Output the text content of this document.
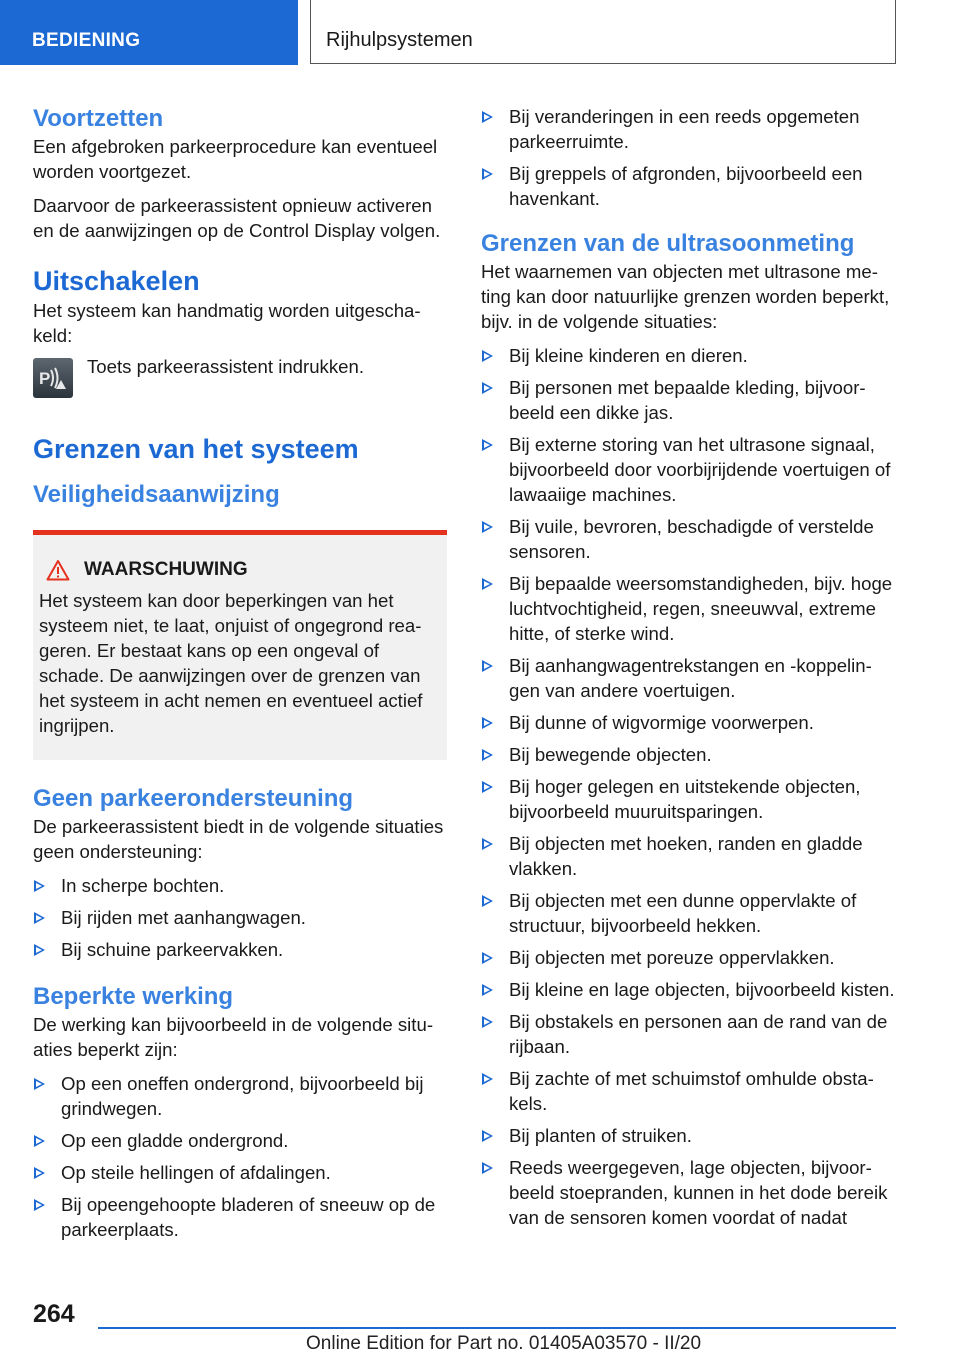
BEDIENING	Rijhulpsystemen
Voortzetten

Een afgebroken parkeerprocedure kan eventueel worden voortgezet.

Daarvoor de parkeerassistent opnieuw activeren en de aanwijzingen op de Control Display volgen.

Uitschakelen

Het systeem kan handmatig worden uitgeschakeld:

P
Toets parkeerassistent indrukken.
Grenzen van het systeem
Veiligheidsaanwijzing
WAARSCHUWING

Het systeem kan door beperkingen van het systeem niet, te laat, onjuist of ongegrond reageren. Er bestaat kans op een ongeval of schade. De aanwijzingen over de grenzen van het systeem in acht nemen en eventueel actief ingrijpen.

Geen parkeerondersteuning

De parkeerassistent biedt in de volgende situaties geen ondersteuning:

In scherpe bochten.
Bij rijden met aanhangwagen.
Bij schuine parkeervakken.
Beperkte werking

De werking kan bijvoorbeeld in de volgende situaties beperkt zijn:

Op een oneffen ondergrond, bijvoorbeeld bij grindwegen.
Op een gladde ondergrond.
Op steile hellingen of afdalingen.
Bij opeengehoopte bladeren of sneeuw op de parkeerplaats.
Bij veranderingen in een reeds opgemeten parkeerruimte.
Bij greppels of afgronden, bijvoorbeeld een havenkant.
Grenzen van de ultrasoonmeting

Het waarnemen van objecten met ultrasone meting kan door natuurlijke grenzen worden beperkt, bijv. in de volgende situaties:

Bij kleine kinderen en dieren.
Bij personen met bepaalde kleding, bijvoorbeeld een dikke jas.
Bij externe storing van het ultrasone signaal, bijvoorbeeld door voorbijrijdende voertuigen of lawaaiige machines.
Bij vuile, bevroren, beschadigde of verstelde sensoren.
Bij bepaalde weersomstandigheden, bijv. hoge luchtvochtigheid, regen, sneeuwval, extreme hitte, of sterke wind.
Bij aanhangwagentrekstangen en -koppelingen van andere voertuigen.
Bij dunne of wigvormige voorwerpen.
Bij bewegende objecten.
Bij hoger gelegen en uitstekende objecten, bijvoorbeeld muuruitsparingen.
Bij objecten met hoeken, randen en gladde vlakken.
Bij objecten met een dunne oppervlakte of structuur, bijvoorbeeld hekken.
Bij objecten met poreuze oppervlakken.
Bij kleine en lage objecten, bijvoorbeeld kisten.
Bij obstakels en personen aan de rand van de rijbaan.
Bij zachte of met schuimstof omhulde obstakels.
Bij planten of struiken.
Reeds weergegeven, lage objecten, bijvoorbeeld stoepranden, kunnen in het dode bereik van de sensoren komen voordat of nadat
264
Online Edition for Part no. 01405A03570 - II/20
